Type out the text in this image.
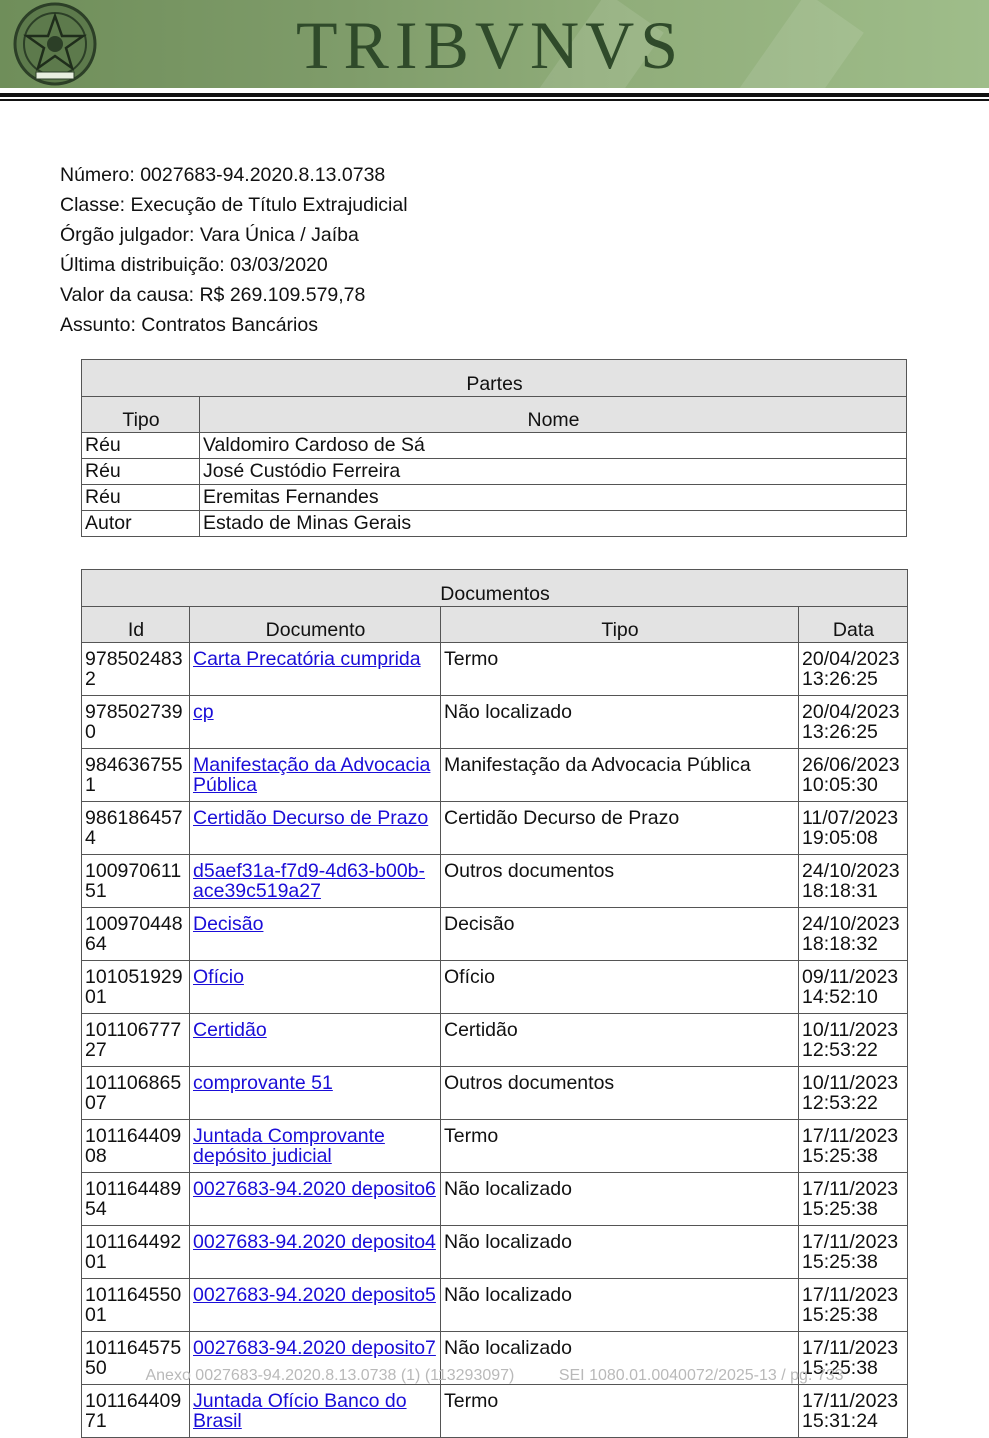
TRIBVNVS
Número: 0027683-94.2020.8.13.0738
Classe: Execução de Título Extrajudicial
Órgão julgador: Vara Única / Jaíba
Última distribuição: 03/03/2020
Valor da causa: R$ 269.109.579,78
Assunto: Contratos Bancários
Partes	
Tipo	Nome
Réu	Valdomiro Cardoso de Sá
Réu	José Custódio Ferreira
Réu	Eremitas Fernandes
Autor	Estado de Minas Gerais
Documentos			
Id	Documento	Tipo	Data
9785024832	Carta Precatória cumprida	Termo	20/04/2023 13:26:25
9785027390	cp	Não localizado	20/04/2023 13:26:25
9846367551	Manifestação da Advocacia Pública	Manifestação da Advocacia Pública	26/06/2023 10:05:30
9861864574	Certidão Decurso de Prazo	Certidão Decurso de Prazo	11/07/2023 19:05:08
10097061151	d5aef31a-f7d9-4d63-b00b-ace39c519a27	Outros documentos	24/10/2023 18:18:31
10097044864	Decisão	Decisão	24/10/2023 18:18:32
10105192901	Ofício	Ofício	09/11/2023 14:52:10
10110677727	Certidão	Certidão	10/11/2023 12:53:22
10110686507	comprovante 51	Outros documentos	10/11/2023 12:53:22
10116440908	Juntada Comprovante depósito judicial	Termo	17/11/2023 15:25:38
10116448954	0027683-94.2020 deposito6	Não localizado	17/11/2023 15:25:38
10116449201	0027683-94.2020 deposito4	Não localizado	17/11/2023 15:25:38
10116455001	0027683-94.2020 deposito5	Não localizado	17/11/2023 15:25:38
10116457550	0027683-94.2020 deposito7	Não localizado	17/11/2023 15:25:38
10116440971	Juntada Ofício Banco do Brasil	Termo	17/11/2023 15:31:24
Anexo 0027683-94.2020.8.13.0738 (1) (113293097)	SEI 1080.01.0040072/2025-13 / pg. 733
